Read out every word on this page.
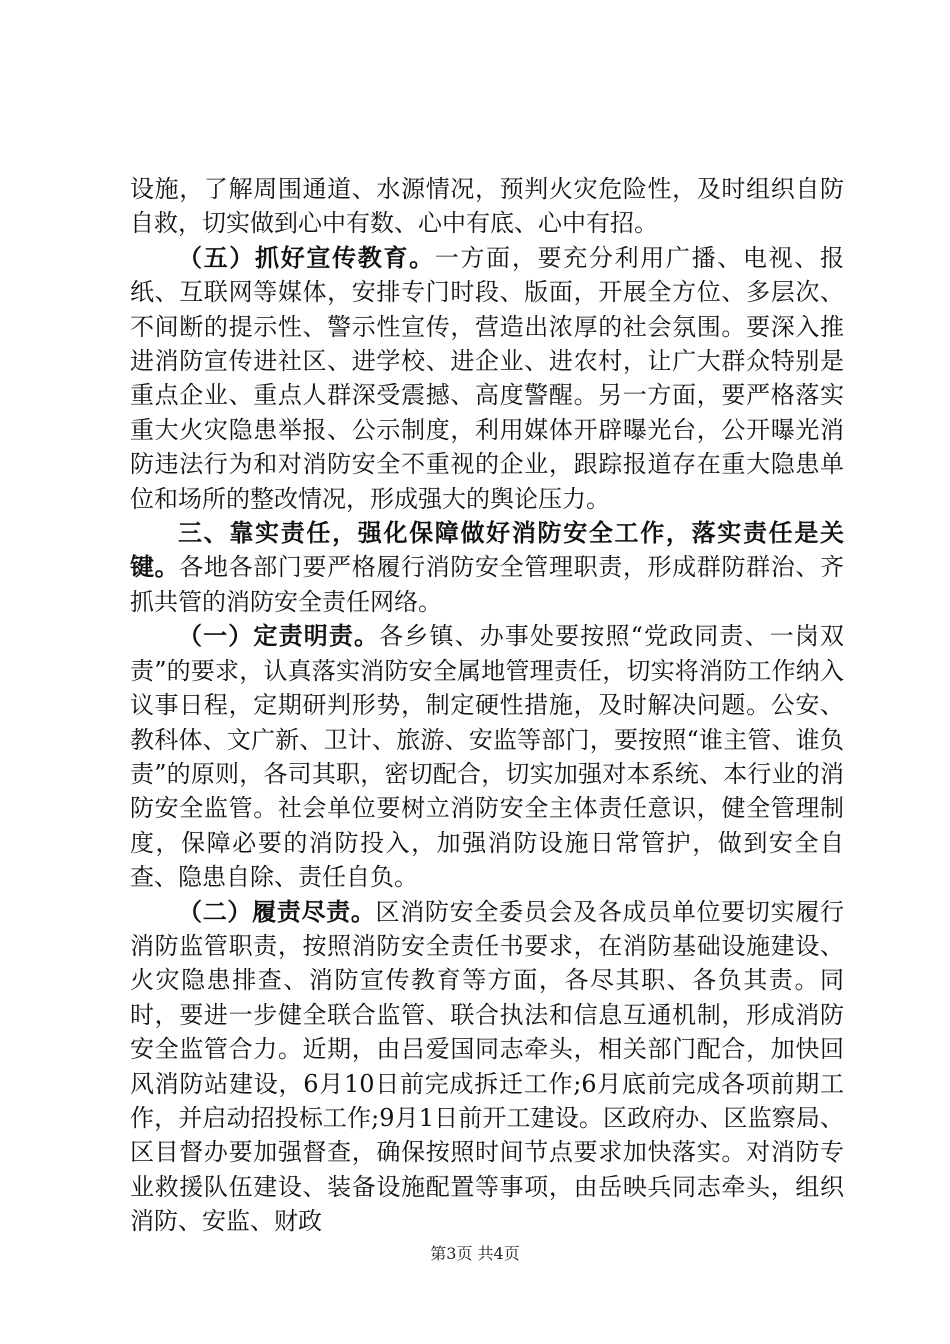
设施，了解周围通道、水源情况，预判火灾危险性，及时组织自防自救，切实做到心中有数、心中有底、心中有招。

（五）抓好宣传教育。一方面，要充分利用广播、电视、报纸、互联网等媒体，安排专门时段、版面，开展全方位、多层次、不间断的提示性、警示性宣传，营造出浓厚的社会氛围。要深入推进消防宣传进社区、进学校、进企业、进农村，让广大群众特别是重点企业、重点人群深受震撼、高度警醒。另一方面，要严格落实重大火灾隐患举报、公示制度，利用媒体开辟曝光台，公开曝光消防违法行为和对消防安全不重视的企业，跟踪报道存在重大隐患单位和场所的整改情况，形成强大的舆论压力。

三、靠实责任，强化保障做好消防安全工作，落实责任是关键。各地各部门要严格履行消防安全管理职责，形成群防群治、齐抓共管的消防安全责任网络。

（一）定责明责。各乡镇、办事处要按照“党政同责、一岗双责”的要求，认真落实消防安全属地管理责任，切实将消防工作纳入议事日程，定期研判形势，制定硬性措施，及时解决问题。公安、教科体、文广新、卫计、旅游、安监等部门，要按照“谁主管、谁负责”的原则，各司其职，密切配合，切实加强对本系统、本行业的消防安全监管。社会单位要树立消防安全主体责任意识，健全管理制度，保障必要的消防投入，加强消防设施日常管护，做到安全自查、隐患自除、责任自负。

（二）履责尽责。区消防安全委员会及各成员单位要切实履行消防监管职责，按照消防安全责任书要求，在消防基础设施建设、火灾隐患排查、消防宣传教育等方面，各尽其职、各负其责。同时，要进一步健全联合监管、联合执法和信息互通机制，形成消防安全监管合力。近期，由吕爱国同志牵头，相关部门配合，加快回风消防站建设，6月10日前完成拆迁工作;6月底前完成各项前期工作，并启动招投标工作;9月1日前开工建设。区政府办、区监察局、区目督办要加强督查，确保按照时间节点要求加快落实。对消防专业救援队伍建设、装备设施配置等事项，由岳映兵同志牵头，组织消防、安监、财政

第3页 共4页
